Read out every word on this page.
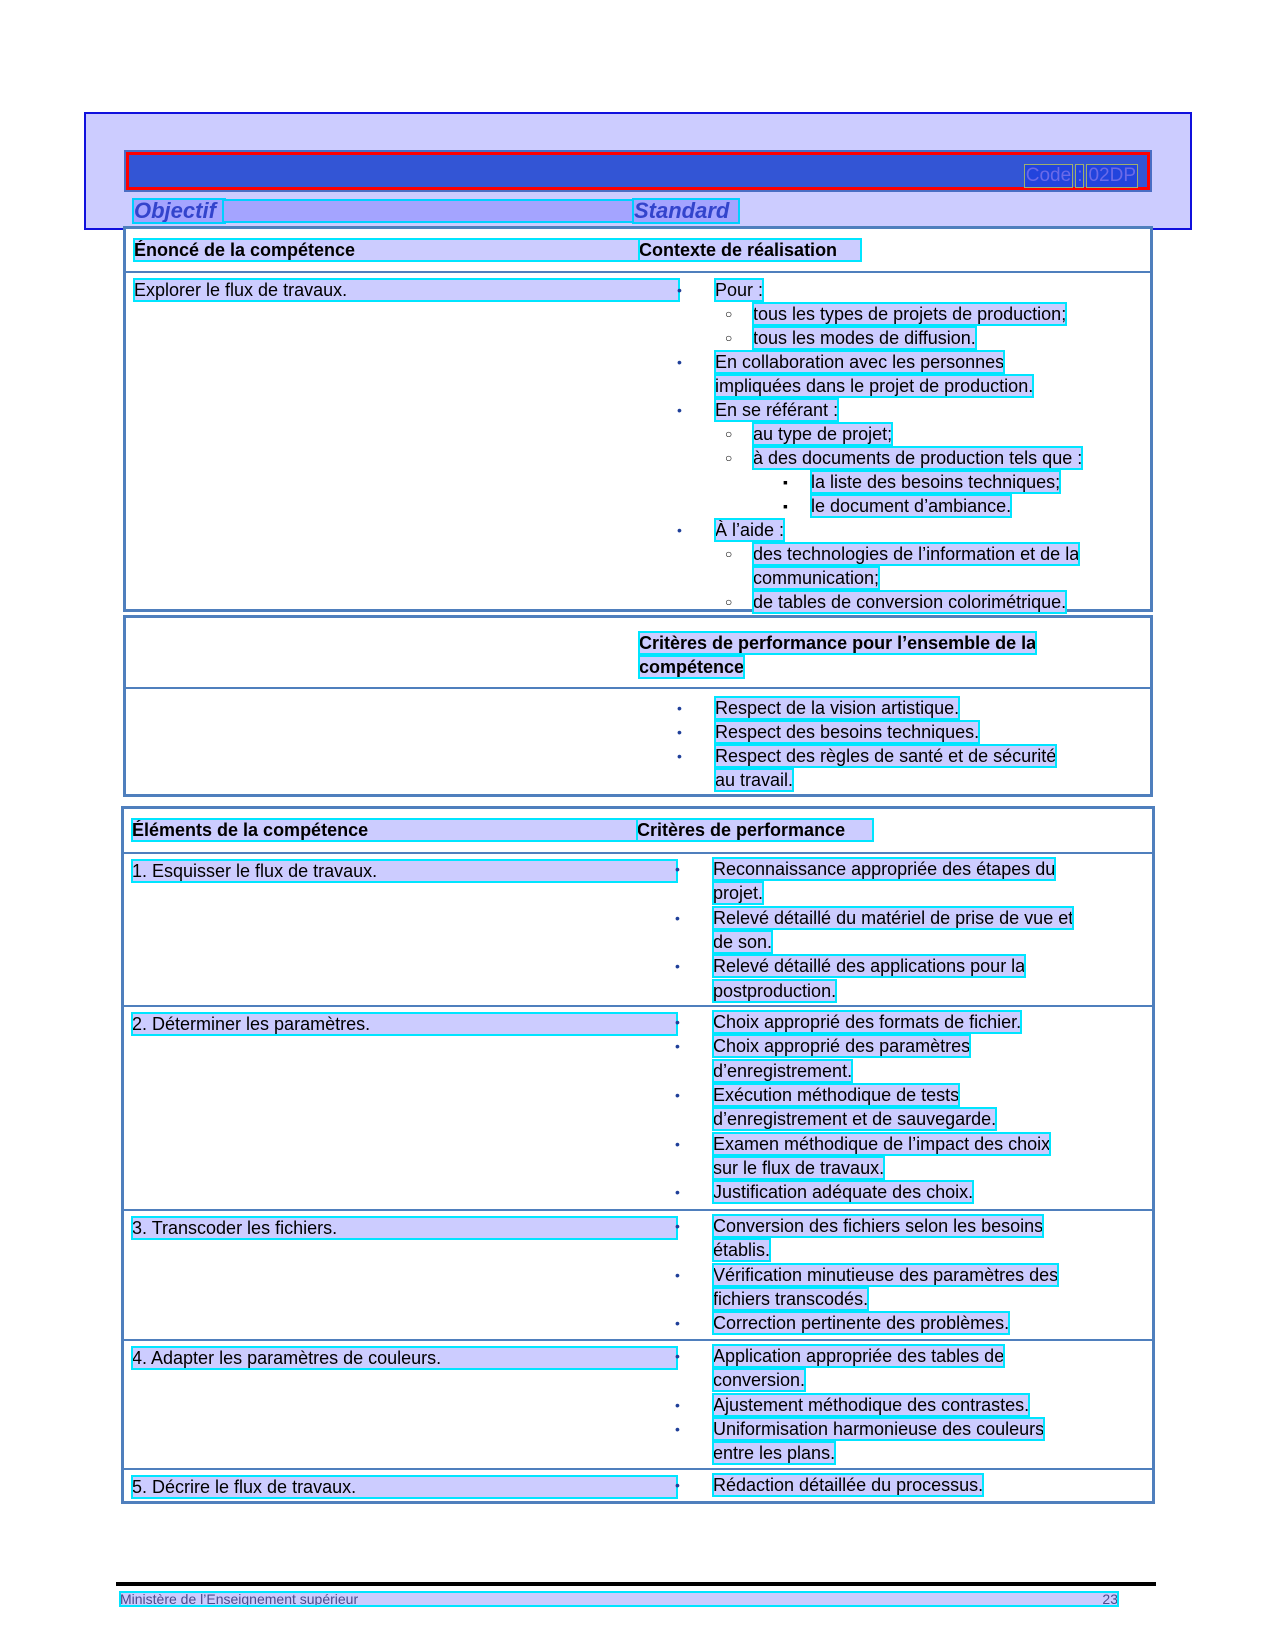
Code : 02DP
Objectif	Standard
Énoncé de la compétence	Contexte de réalisation
Explorer le flux de travaux.	• Pour :
○ tous les types de projets de production;
○ tous les modes de diffusion.
• En collaboration avec les personnes
impliquées dans le projet de production.
• En se référant :
○ au type de projet;
○ à des documents de production tels que :
▪ la liste des besoins techniques;
▪ le document d’ambiance.
• À l’aide :
○ des technologies de l’information et de la
communication;
○ de tables de conversion colorimétrique.
Critères de performance pour l’ensemble de la
compétence
• Respect de la vision artistique.
• Respect des besoins techniques.
• Respect des règles de santé et de sécurité
au travail.
Éléments de la compétence	Critères de performance
1. Esquisser le flux de travaux.	• Reconnaissance appropriée des étapes du
projet.
• Relevé détaillé du matériel de prise de vue et
de son.
• Relevé détaillé des applications pour la
postproduction.
2. Déterminer les paramètres.	• Choix approprié des formats de fichier.
• Choix approprié des paramètres
d’enregistrement.
• Exécution méthodique de tests
d’enregistrement et de sauvegarde.
• Examen méthodique de l’impact des choix
sur le flux de travaux.
• Justification adéquate des choix.
3. Transcoder les fichiers.	• Conversion des fichiers selon les besoins
établis.
• Vérification minutieuse des paramètres des
fichiers transcodés.
• Correction pertinente des problèmes.
4. Adapter les paramètres de couleurs.	• Application appropriée des tables de
conversion.
• Ajustement méthodique des contrastes.
• Uniformisation harmonieuse des couleurs
entre les plans.
5. Décrire le flux de travaux.	• Rédaction détaillée du processus.
Ministère de l’Enseignement supérieur	23
